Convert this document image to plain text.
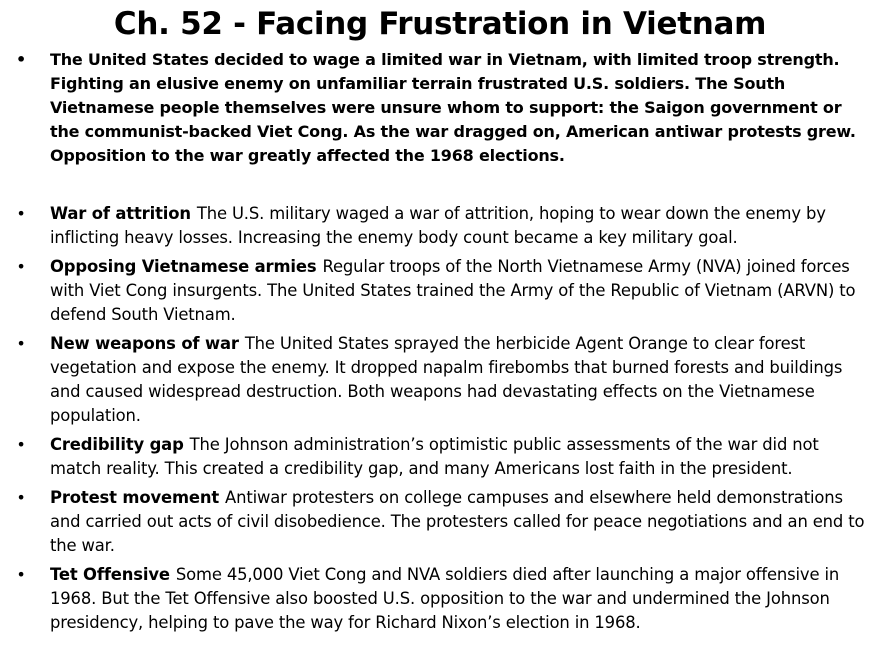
Ch. 52 - Facing Frustration in Vietnam
• The United States decided to wage a limited war in Vietnam, with limited troop strength. Fighting an elusive enemy on unfamiliar terrain frustrated U.S. soldiers. The South Vietnamese people themselves were unsure whom to support: the Saigon government or the communist-backed Viet Cong. As the war dragged on, American antiwar protests grew. Opposition to the war greatly affected the 1968 elections.
• War of attrition The U.S. military waged a war of attrition, hoping to wear down the enemy by inflicting heavy losses. Increasing the enemy body count became a key military goal.
• Opposing Vietnamese armies Regular troops of the North Vietnamese Army (NVA) joined forces with Viet Cong insurgents. The United States trained the Army of the Republic of Vietnam (ARVN) to defend South Vietnam.
• New weapons of war The United States sprayed the herbicide Agent Orange to clear forest vegetation and expose the enemy. It dropped napalm firebombs that burned forests and buildings and caused widespread destruction. Both weapons had devastating effects on the Vietnamese population.
• Credibility gap The Johnson administration’s optimistic public assessments of the war did not match reality. This created a credibility gap, and many Americans lost faith in the president.
• Protest movement Antiwar protesters on college campuses and elsewhere held demonstrations and carried out acts of civil disobedience. The protesters called for peace negotiations and an end to the war.
• Tet Offensive Some 45,000 Viet Cong and NVA soldiers died after launching a major offensive in 1968. But the Tet Offensive also boosted U.S. opposition to the war and undermined the Johnson presidency, helping to pave the way for Richard Nixon’s election in 1968.
